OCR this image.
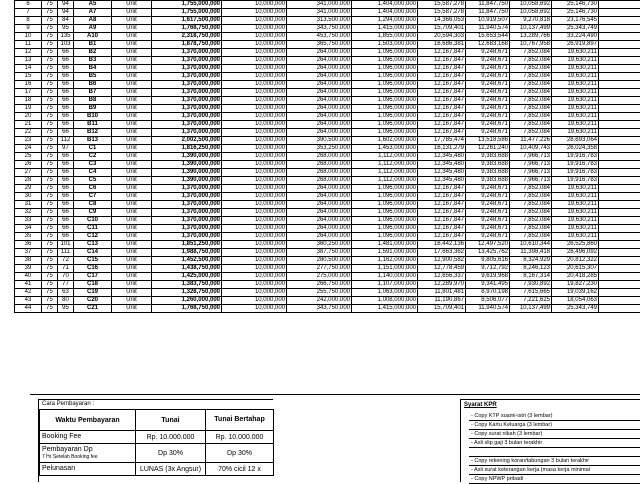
6	75	94	A5	Unit	1,755,000,000	10,000,000	341,000,000	1,404,000,000	15,587,278	11,847,750	10,058,692	25,146,730	
7	75	94	A7	Unit	1,755,000,000	10,000,000	341,000,000	1,404,000,000	15,587,278	11,847,750	10,058,692	25,146,730	
8	75	84	A8	Unit	1,617,500,000	10,000,000	313,500,000	1,294,000,000	14,366,053	10,919,507	9,270,818	23,176,545	
9	75	95	A9	Unit	1,768,750,000	10,000,000	343,750,000	1,415,000,000	15,709,401	11,940,574	10,137,499	25,343,749	
10	75	135	A10	Unit	2,318,750,000	10,000,000	453,750,000	1,855,000,000	20,594,303	15,653,544	13,289,766	33,224,490	
11	75	103	B1	Unit	1,878,750,000	10,000,000	365,750,000	1,503,000,000	16,686,381	12,683,168	10,767,958	26,919,897	
12	75	66	B2	Unit	1,370,000,000	10,000,000	264,000,000	1,096,000,000	12,167,847	9,248,671	7,852,084	19,630,211	
13	75	66	B3	Unit	1,370,000,000	10,000,000	264,000,000	1,096,000,000	12,167,847	9,248,671	7,852,084	19,630,211	
14	75	66	B4	Unit	1,370,000,000	10,000,000	264,000,000	1,096,000,000	12,167,847	9,248,671	7,852,084	19,630,211	
15	75	66	B5	Unit	1,370,000,000	10,000,000	264,000,000	1,096,000,000	12,167,847	9,248,671	7,852,084	19,630,211	
16	75	66	B6	Unit	1,370,000,000	10,000,000	264,000,000	1,096,000,000	12,167,847	9,248,671	7,852,084	19,630,211	
17	75	66	B7	Unit	1,370,000,000	10,000,000	264,000,000	1,096,000,000	12,167,847	9,248,671	7,852,084	19,630,211	
18	75	66	B8	Unit	1,370,000,000	10,000,000	264,000,000	1,096,000,000	12,167,847	9,248,671	7,852,084	19,630,211	
19	75	66	B9	Unit	1,370,000,000	10,000,000	264,000,000	1,096,000,000	12,167,847	9,248,671	7,852,084	19,630,211	
20	75	66	B10	Unit	1,370,000,000	10,000,000	264,000,000	1,096,000,000	12,167,847	9,248,671	7,852,084	19,630,211	
21	75	66	B11	Unit	1,370,000,000	10,000,000	264,000,000	1,096,000,000	12,167,847	9,248,671	7,852,084	19,630,211	
22	75	66	B12	Unit	1,370,000,000	10,000,000	264,000,000	1,096,000,000	12,167,847	9,248,671	7,852,084	19,630,211	
23	75	112	B13	Unit	2,002,500,000	10,000,000	390,500,000	1,602,000,000	17,785,474	13,518,586	11,477,226	28,693,064	
24	75	97	C1	Unit	1,816,250,000	10,000,000	353,250,000	1,453,000,000	16,131,279	12,261,240	10,409,743	26,024,358	
25	75	66	C2	Unit	1,390,000,000	10,000,000	268,000,000	1,112,000,000	12,345,480	9,383,688	7,966,713	19,916,783	
26	75	66	C3	Unit	1,390,000,000	10,000,000	268,000,000	1,112,000,000	12,345,480	9,383,688	7,966,713	19,916,783	
27	75	66	C4	Unit	1,390,000,000	10,000,000	268,000,000	1,112,000,000	12,345,480	9,383,688	7,966,713	19,916,783	
28	75	66	C5	Unit	1,390,000,000	10,000,000	268,000,000	1,112,000,000	12,345,480	9,383,688	7,966,713	19,916,783	
29	75	66	C6	Unit	1,370,000,000	10,000,000	264,000,000	1,096,000,000	12,167,847	9,248,671	7,852,084	19,630,211	
30	75	66	C7	Unit	1,370,000,000	10,000,000	264,000,000	1,096,000,000	12,167,847	9,248,671	7,852,084	19,630,211	
31	75	66	C8	Unit	1,370,000,000	10,000,000	264,000,000	1,096,000,000	12,167,847	9,248,671	7,852,084	19,630,211	
32	75	66	C9	Unit	1,370,000,000	10,000,000	264,000,000	1,096,000,000	12,167,847	9,248,671	7,852,084	19,630,211	
33	75	66	C10	Unit	1,370,000,000	10,000,000	264,000,000	1,096,000,000	12,167,847	9,248,671	7,852,084	19,630,211	
34	75	66	C11	Unit	1,370,000,000	10,000,000	264,000,000	1,096,000,000	12,167,847	9,248,671	7,852,084	19,630,211	
35	75	66	C12	Unit	1,370,000,000	10,000,000	264,000,000	1,096,000,000	12,167,847	9,248,671	7,852,084	19,630,211	
36	75	101	C13	Unit	1,851,250,000	10,000,000	360,250,000	1,481,000,000	16,442,136	12,497,520	10,610,344	26,525,860	
37	75	111	C14	Unit	1,988,750,000	10,000,000	387,750,000	1,591,000,000	17,663,362	13,425,762	11,398,418	28,496,092	
38	75	72	C15	Unit	1,452,500,000	10,000,000	280,500,000	1,162,000,000	12,900,582	9,805,616	8,324,929	20,812,322	
39	75	71	C16	Unit	1,438,750,000	10,000,000	277,750,000	1,151,000,000	12,778,459	9,712,792	8,246,123	20,615,307	
40	75	70	C17	Unit	1,425,000,000	10,000,000	275,000,000	1,140,000,000	12,656,337	9,619,968	8,167,314	20,418,285	
41	75	77	C18	Unit	1,383,750,000	10,000,000	266,750,000	1,107,000,000	12,289,970	9,341,495	7,930,892	19,827,230	
42	75	63	C19	Unit	1,328,750,000	10,000,000	255,750,000	1,063,000,000	11,801,481	8,970,198	7,615,665	19,039,162	
43	75	80	C20	Unit	1,260,000,000	10,000,000	242,000,000	1,008,000,000	11,190,867	8,506,077	7,221,625	18,054,063	
44	75	95	C21	Unit	1,768,750,000	10,000,000	343,750,000	1,415,000,000	15,709,401	11,940,574	10,137,499	25,343,749	
Cara Pembayaran :
Waktu Pembayaran	Tunai	Tunai Bertahap

Booking Fee	Rp. 10.000.000	Rp. 10.000.000

Pembayaran Dp
7 Hr Setelah Booking fee	Dp 30%	Dp 30%

Pelunasan	LUNAS (3x Angsur)	70% cicil 12 x
Syarat KPR
- Copy KTP suami-istri (3 lembar)
- Copy Kartu Keluarga (3 lembar)
- Copy surat nikah (3 lembar)
- Asli slip gaji 3 bulan terakhir

- Copy rekening koran/tabungan 3 bulan terakhir
- Asli surat keterangan kerja (masa kerja minimal
- Copy NPWP pribadi
